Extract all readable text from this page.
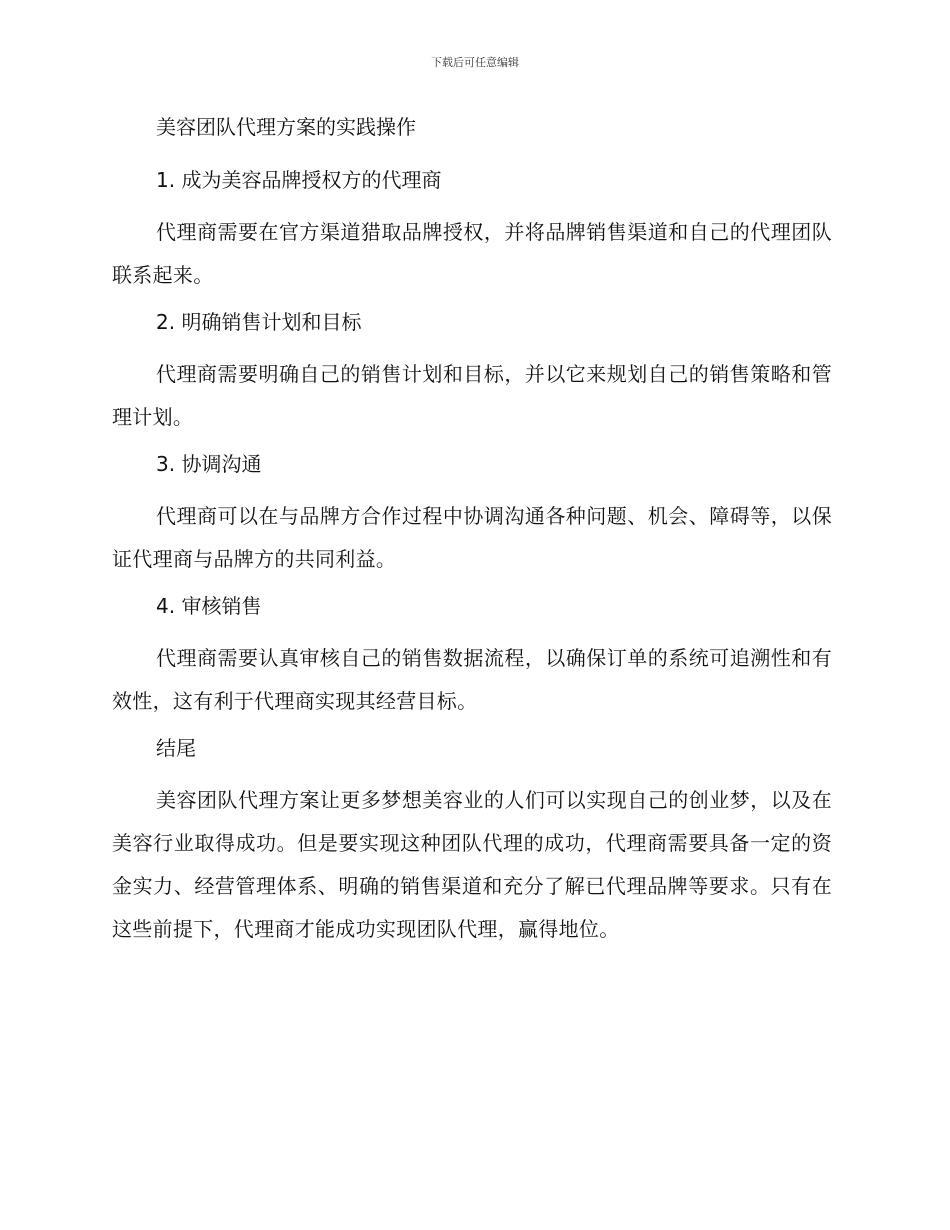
下载后可任意编辑
美容团队代理方案的实践操作
1. 成为美容品牌授权方的代理商

代理商需要在官方渠道猎取品牌授权，并将品牌销售渠道和自己的代理团队联系起来。

2. 明确销售计划和目标

代理商需要明确自己的销售计划和目标，并以它来规划自己的销售策略和管理计划。

3. 协调沟通

代理商可以在与品牌方合作过程中协调沟通各种问题、机会、障碍等，以保证代理商与品牌方的共同利益。

4. 审核销售

代理商需要认真审核自己的销售数据流程，以确保订单的系统可追溯性和有效性，这有利于代理商实现其经营目标。

结尾

美容团队代理方案让更多梦想美容业的人们可以实现自己的创业梦，以及在美容行业取得成功。但是要实现这种团队代理的成功，代理商需要具备一定的资金实力、经营管理体系、明确的销售渠道和充分了解已代理品牌等要求。只有在这些前提下，代理商才能成功实现团队代理，赢得地位。
